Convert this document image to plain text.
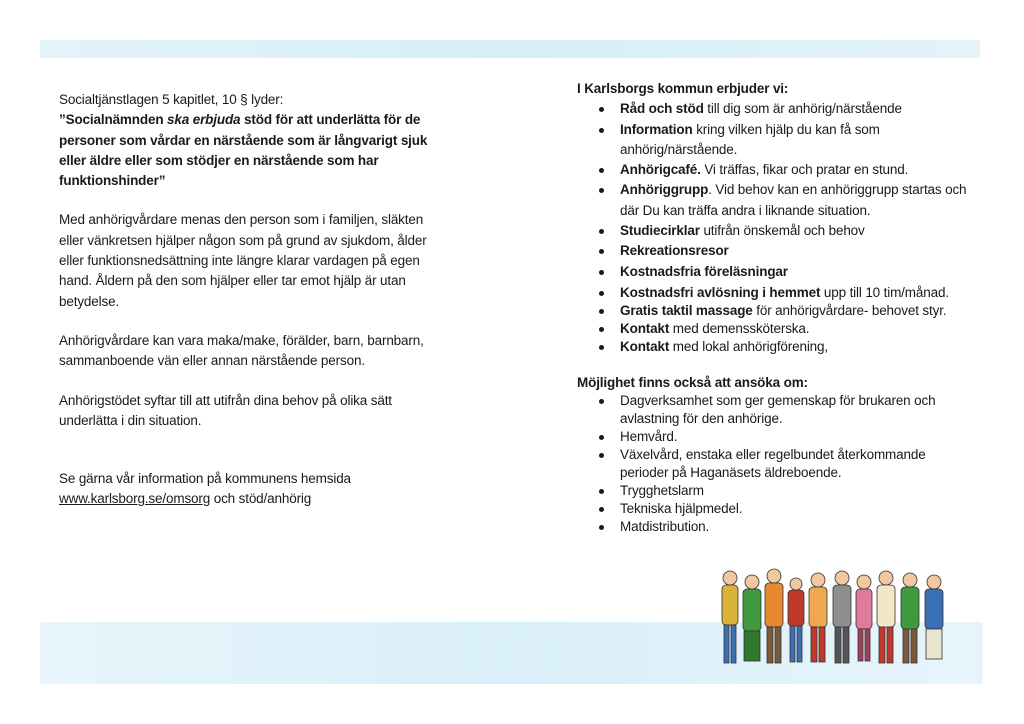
Socialtjänstlagen 5 kapitlet, 10 § lyder:

”Socialnämnden ska erbjuda stöd för att underlätta för de personer som vårdar en närstående som är långvarigt sjuk eller äldre eller som stödjer en närstående som har funktionshinder”

Med anhörigvårdare menas den person som i familjen, släkten eller vänkretsen hjälper någon som på grund av sjukdom, ålder eller funktionsnedsättning inte längre klarar vardagen på egen hand. Åldern på den som hjälper eller tar emot hjälp är utan betydelse.

Anhörigvårdare kan vara maka/make, förälder, barn, barnbarn, sammanboende vän eller annan närstående person.

Anhörigstödet syftar till att utifrån dina behov på olika sätt underlätta i din situation.

Se gärna vår information på kommunens hemsida

www.karlsborg.se/omsorg och stöd/anhörig

I Karlsborgs kommun erbjuder vi:

Råd och stöd till dig som är anhörig/närstående
Information kring vilken hjälp du kan få som anhörig/närstående.
Anhörigcafé. Vi träffas, fikar och pratar en stund.
Anhöriggrupp. Vid behov kan en anhöriggrupp startas och där Du kan träffa andra i liknande situation.
Studiecirklar utifrån önskemål och behov
Rekreationsresor
Kostnadsfria föreläsningar
Kostnadsfri avlösning i hemmet upp till 10 tim/månad.
Gratis taktil massage för anhörigvårdare- behovet styr.
Kontakt med demenssköterska.
Kontakt med lokal anhörigförening,

Möjlighet finns också att ansöka om:

Dagverksamhet som ger gemenskap för brukaren och avlastning för den anhörige.
Hemvård.
Växelvård, enstaka eller regelbundet återkommande perioder på Haganäsets äldreboende.
Trygghetslarm
Tekniska hjälpmedel.
Matdistribution.
